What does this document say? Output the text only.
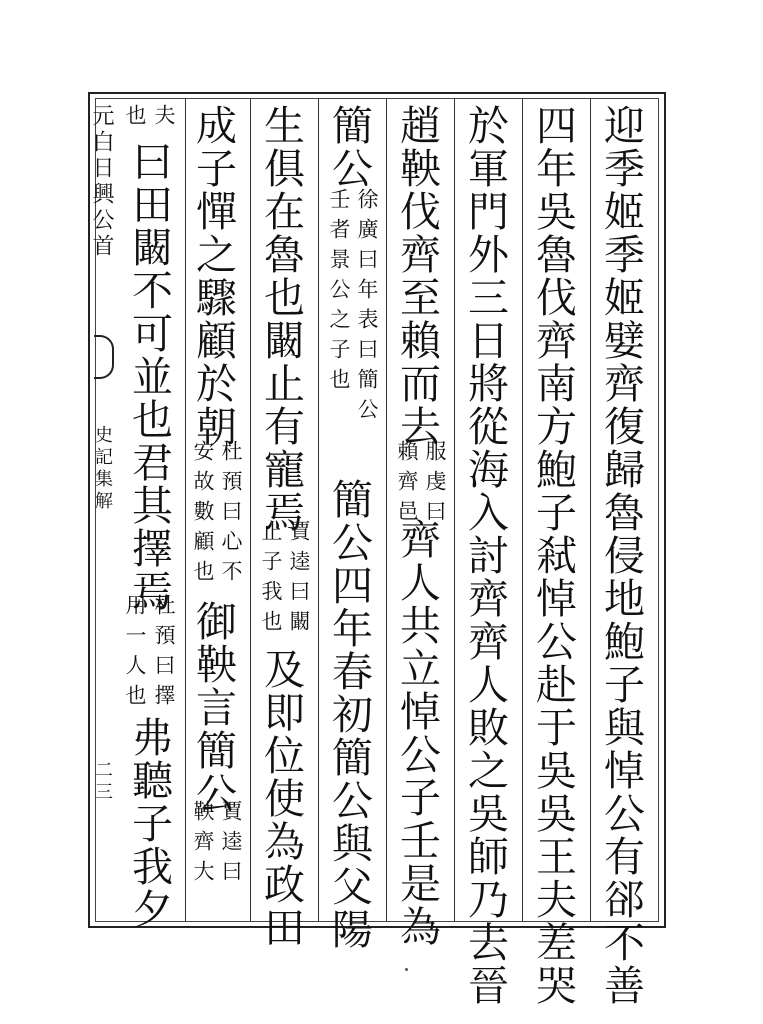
元白日興公首
史記集解
二三	迎季姬季姬嬖齊復歸魯侵地鮑子與悼公有郤不善
四年吳魯伐齊南方鮑子弒悼公赴于吳吳王夫差哭
於軍門外三日將從海入討齊齊人敗之吳師乃去晉
趙鞅伐齊至賴而去
服虔曰
賴齊邑
齊人共立悼公子壬是為
簡公
徐廣曰年表曰簡公
壬者景公之子也
簡公四年春初簡公與父陽
生俱在魯也闞止有寵焉
賈逵曰闞
止子我也
及即位使為政田
成子憚之驟顧於朝
杜預曰心不
安故數顧也
御鞅言簡公
賈逵曰
鞅齊大
夫
也
曰田闞不可並也君其擇焉
杜預曰擇
用一人也
弗聽子我夕
